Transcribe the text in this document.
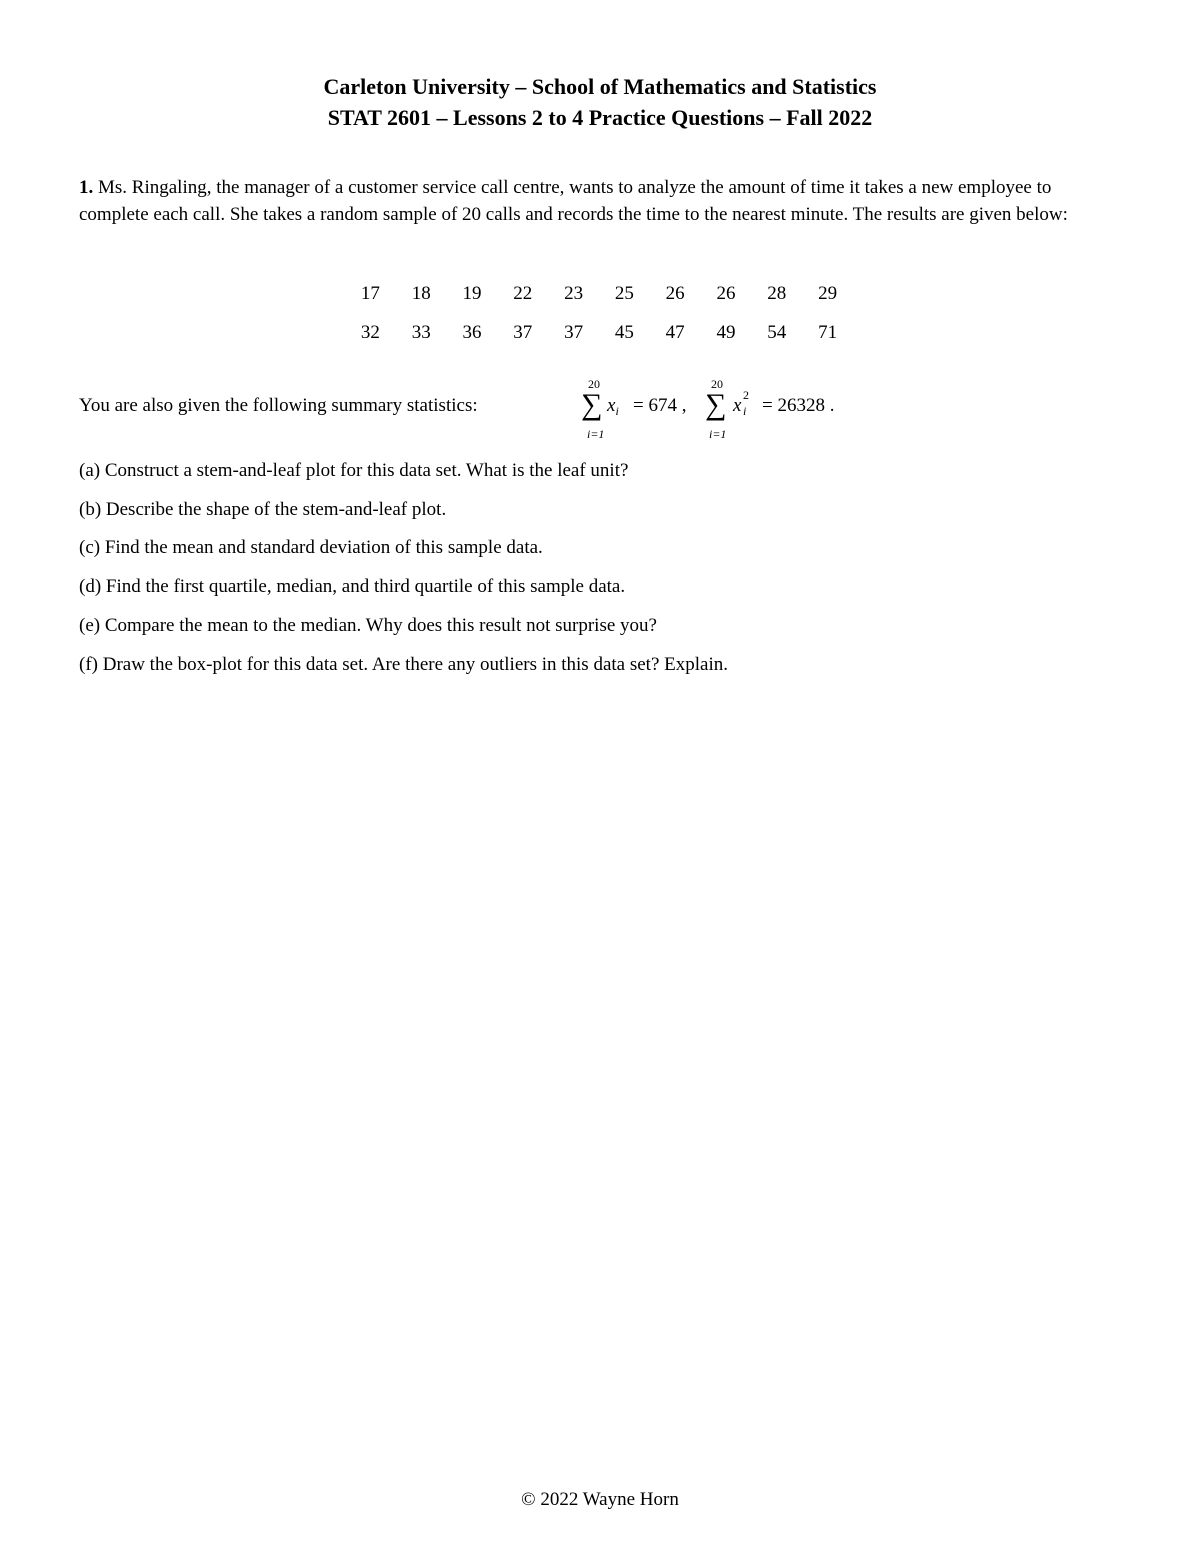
Carleton University – School of Mathematics and Statistics
STAT 2601 – Lessons 2 to 4 Practice Questions – Fall 2022
1. Ms. Ringaling, the manager of a customer service call centre, wants to analyze the amount of time it takes a new employee to complete each call. She takes a random sample of 20 calls and records the time to the nearest minute. The results are given below:
17	18	19	22	23	25	26	26	28	29
32	33	36	37	37	45	47	49	54	71
You are also given the following summary statistics:
20
∑
i=1
$x_i = 674$ ,
20
∑
i=1
x 2
i = 26328 .
(a) Construct a stem-and-leaf plot for this data set. What is the leaf unit?
(b) Describe the shape of the stem-and-leaf plot.
(c) Find the mean and standard deviation of this sample data.
(d) Find the first quartile, median, and third quartile of this sample data.
(e) Compare the mean to the median. Why does this result not surprise you?
(f) Draw the box-plot for this data set. Are there any outliers in this data set? Explain.
© 2022 Wayne Horn
